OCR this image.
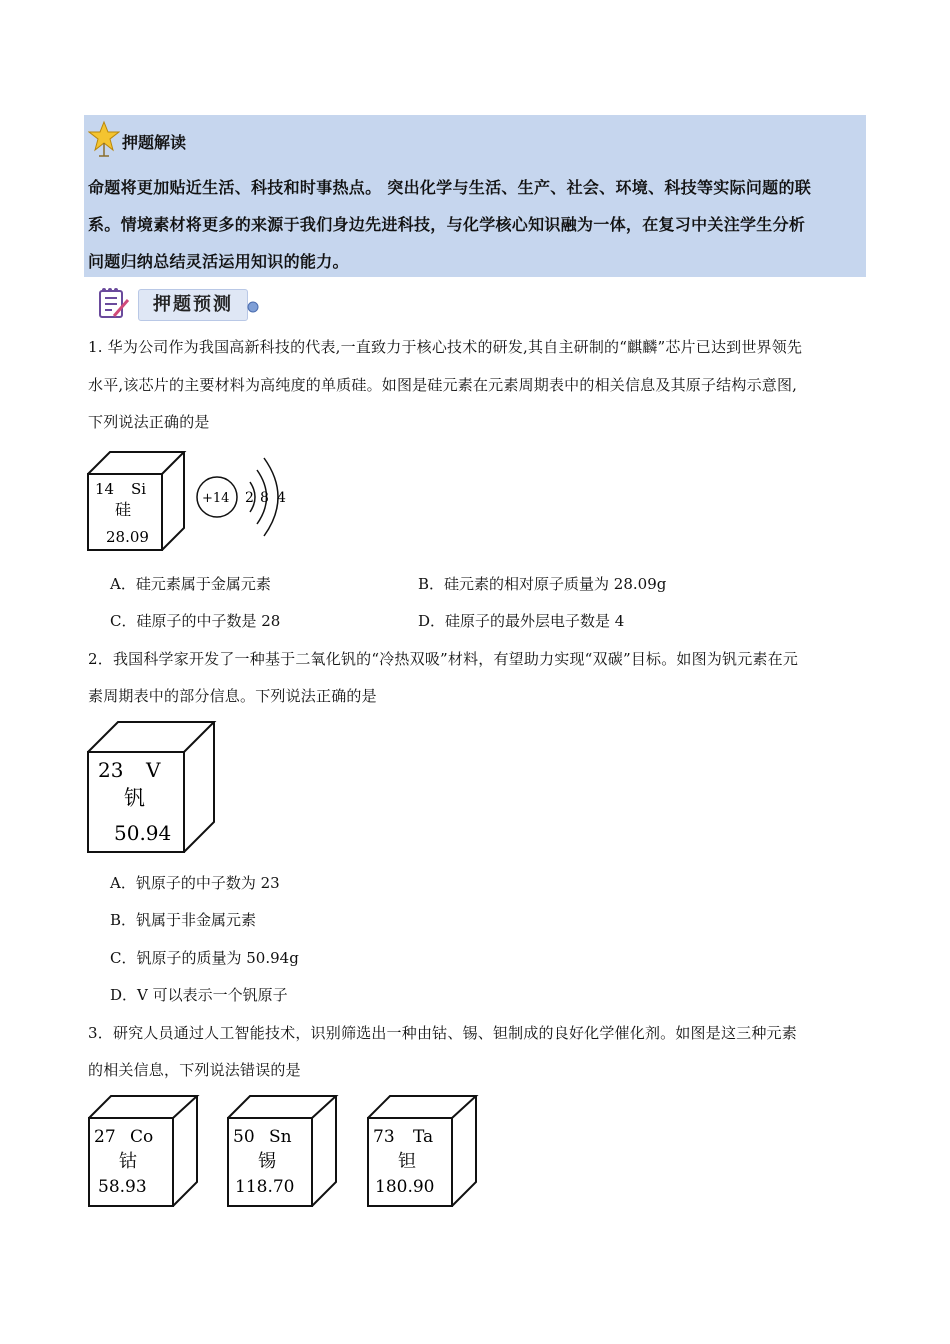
押题解读
命题将更加贴近生活、科技和时事热点。 突出化学与生活、生产、社会、环境、科技等实际问题的联
系。情境素材将更多的来源于我们身边先进科技，与化学核心知识融为一体，在复习中关注学生分析
问题归纳总结灵活运用知识的能力。
押题预测
1. 华为公司作为我国高新科技的代表,一直致力于核心技术的研发,其自主研制的“麒麟”芯片已达到世界领先
水平,该芯片的主要材料为高纯度的单质硅。如图是硅元素在元素周期表中的相关信息及其原子结构示意图,
下列说法正确的是
14 Si
硅
28.09
+14 2 8 4
A．硅元素属于金属元素	B．硅元素的相对原子质量为 28.09g
C．硅原子的中子数是 28	D．硅原子的最外层电子数是 4
2．我国科学家开发了一种基于二氧化钒的“冷热双吸”材料，有望助力实现“双碳”目标。如图为钒元素在元
素周期表中的部分信息。下列说法正确的是
23 V
钒
50.94
A．钒原子的中子数为 23
B．钒属于非金属元素
C．钒原子的质量为 50.94g
D．V 可以表示一个钒原子
3．研究人员通过人工智能技术，识别筛选出一种由钴、锡、钽制成的良好化学催化剂。如图是这三种元素
的相关信息，下列说法错误的是
27 Co
钴
58.93
50 Sn
锡
118.70
73 Ta
钽
180.90
